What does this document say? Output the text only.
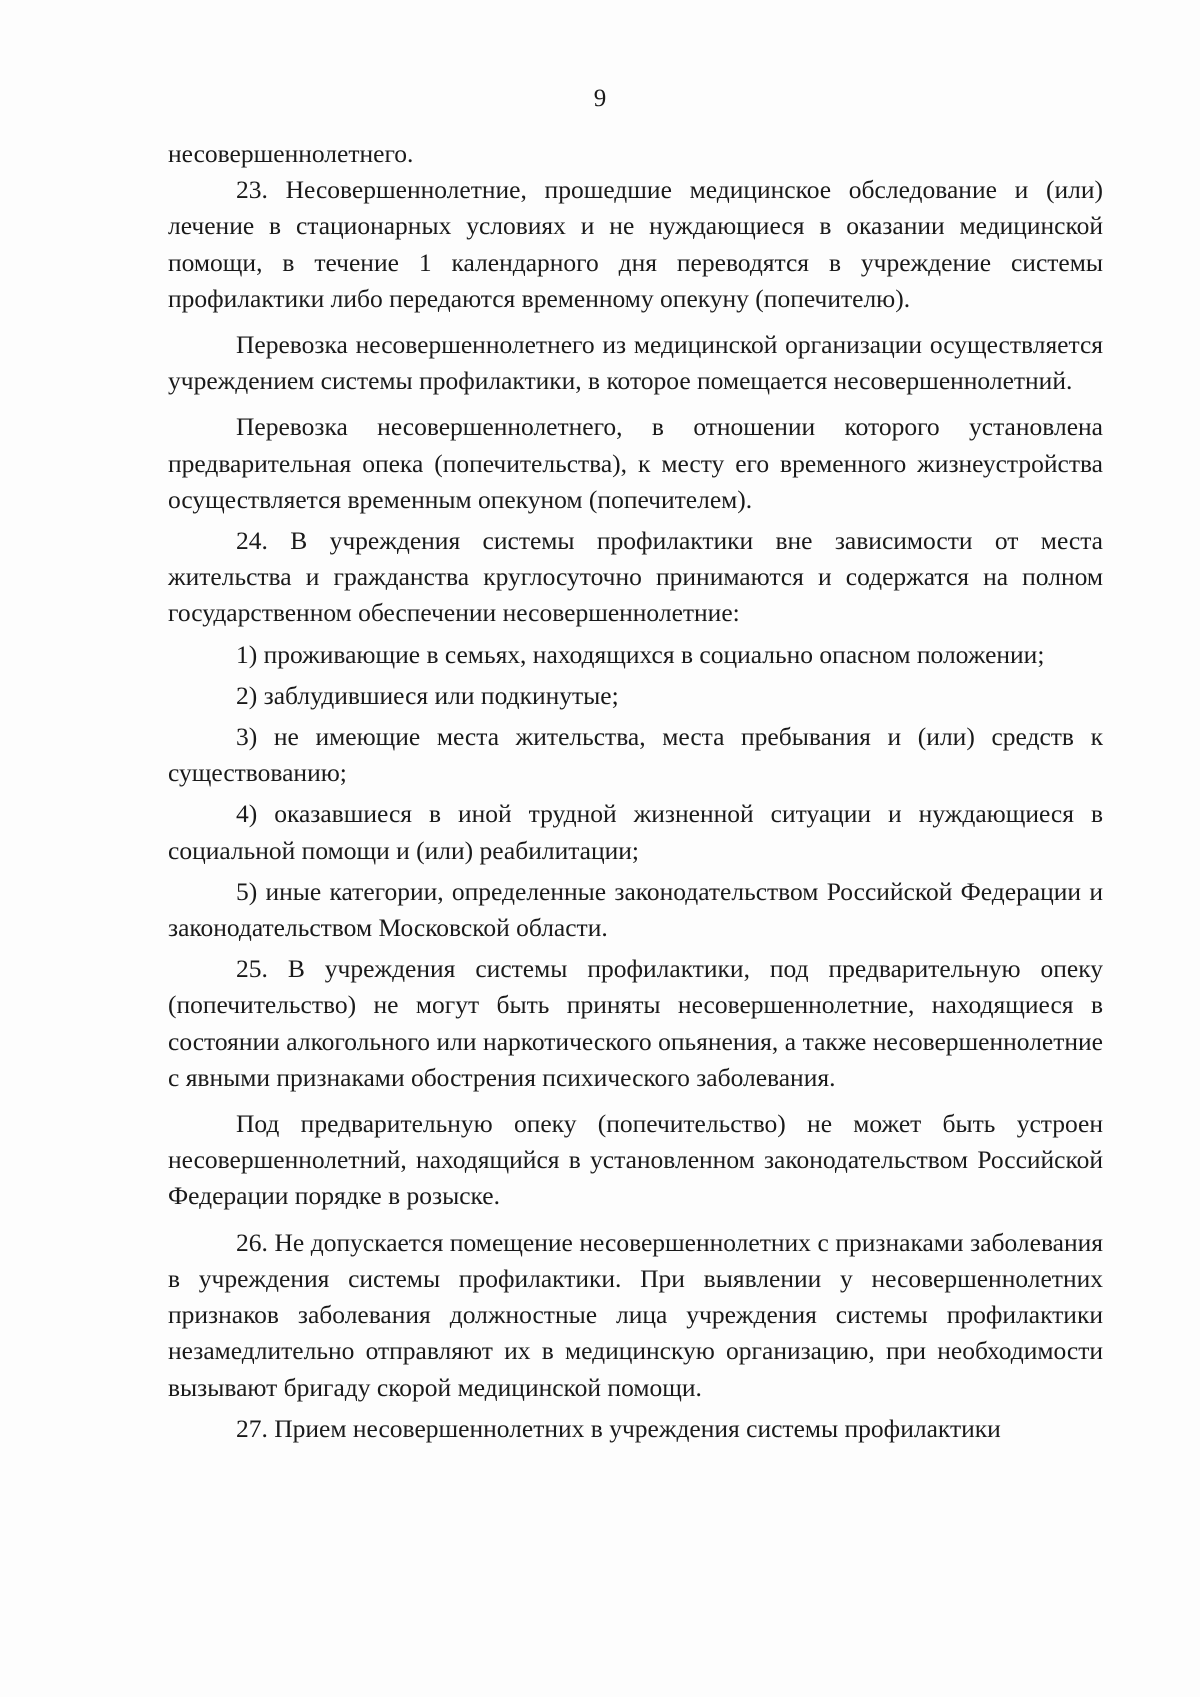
9

несовершеннолетнего.

23. Несовершеннолетние, прошедшие медицинское обследование и (или) лечение в стационарных условиях и не нуждающиеся в оказании медицинской помощи, в течение 1 календарного дня переводятся в учреждение системы профилактики либо передаются временному опекуну (попечителю).

Перевозка несовершеннолетнего из медицинской организации осуществляется учреждением системы профилактики, в которое помещается несовершеннолетний.

Перевозка несовершеннолетнего, в отношении которого установлена предварительная опека (попечительства), к месту его временного жизнеустройства осуществляется временным опекуном (попечителем).

24. В учреждения системы профилактики вне зависимости от места жительства и гражданства круглосуточно принимаются и содержатся на полном государственном обеспечении несовершеннолетние:

1) проживающие в семьях, находящихся в социально опасном положении;

2) заблудившиеся или подкинутые;

3) не имеющие места жительства, места пребывания и (или) средств к существованию;

4) оказавшиеся в иной трудной жизненной ситуации и нуждающиеся в социальной помощи и (или) реабилитации;

5) иные категории, определенные законодательством Российской Федерации и законодательством Московской области.

25. В учреждения системы профилактики, под предварительную опеку (попечительство) не могут быть приняты несовершеннолетние, находящиеся в состоянии алкогольного или наркотического опьянения, а также несовершеннолетние с явными признаками обострения психического заболевания.

Под предварительную опеку (попечительство) не может быть устроен несовершеннолетний, находящийся в установленном законодательством Российской Федерации порядке в розыске.

26. Не допускается помещение несовершеннолетних с признаками заболевания в учреждения системы профилактики. При выявлении у несовершеннолетних признаков заболевания должностные лица учреждения системы профилактики незамедлительно отправляют их в медицинскую организацию, при необходимости вызывают бригаду скорой медицинской помощи.

27. Прием несовершеннолетних в учреждения системы профилактики
